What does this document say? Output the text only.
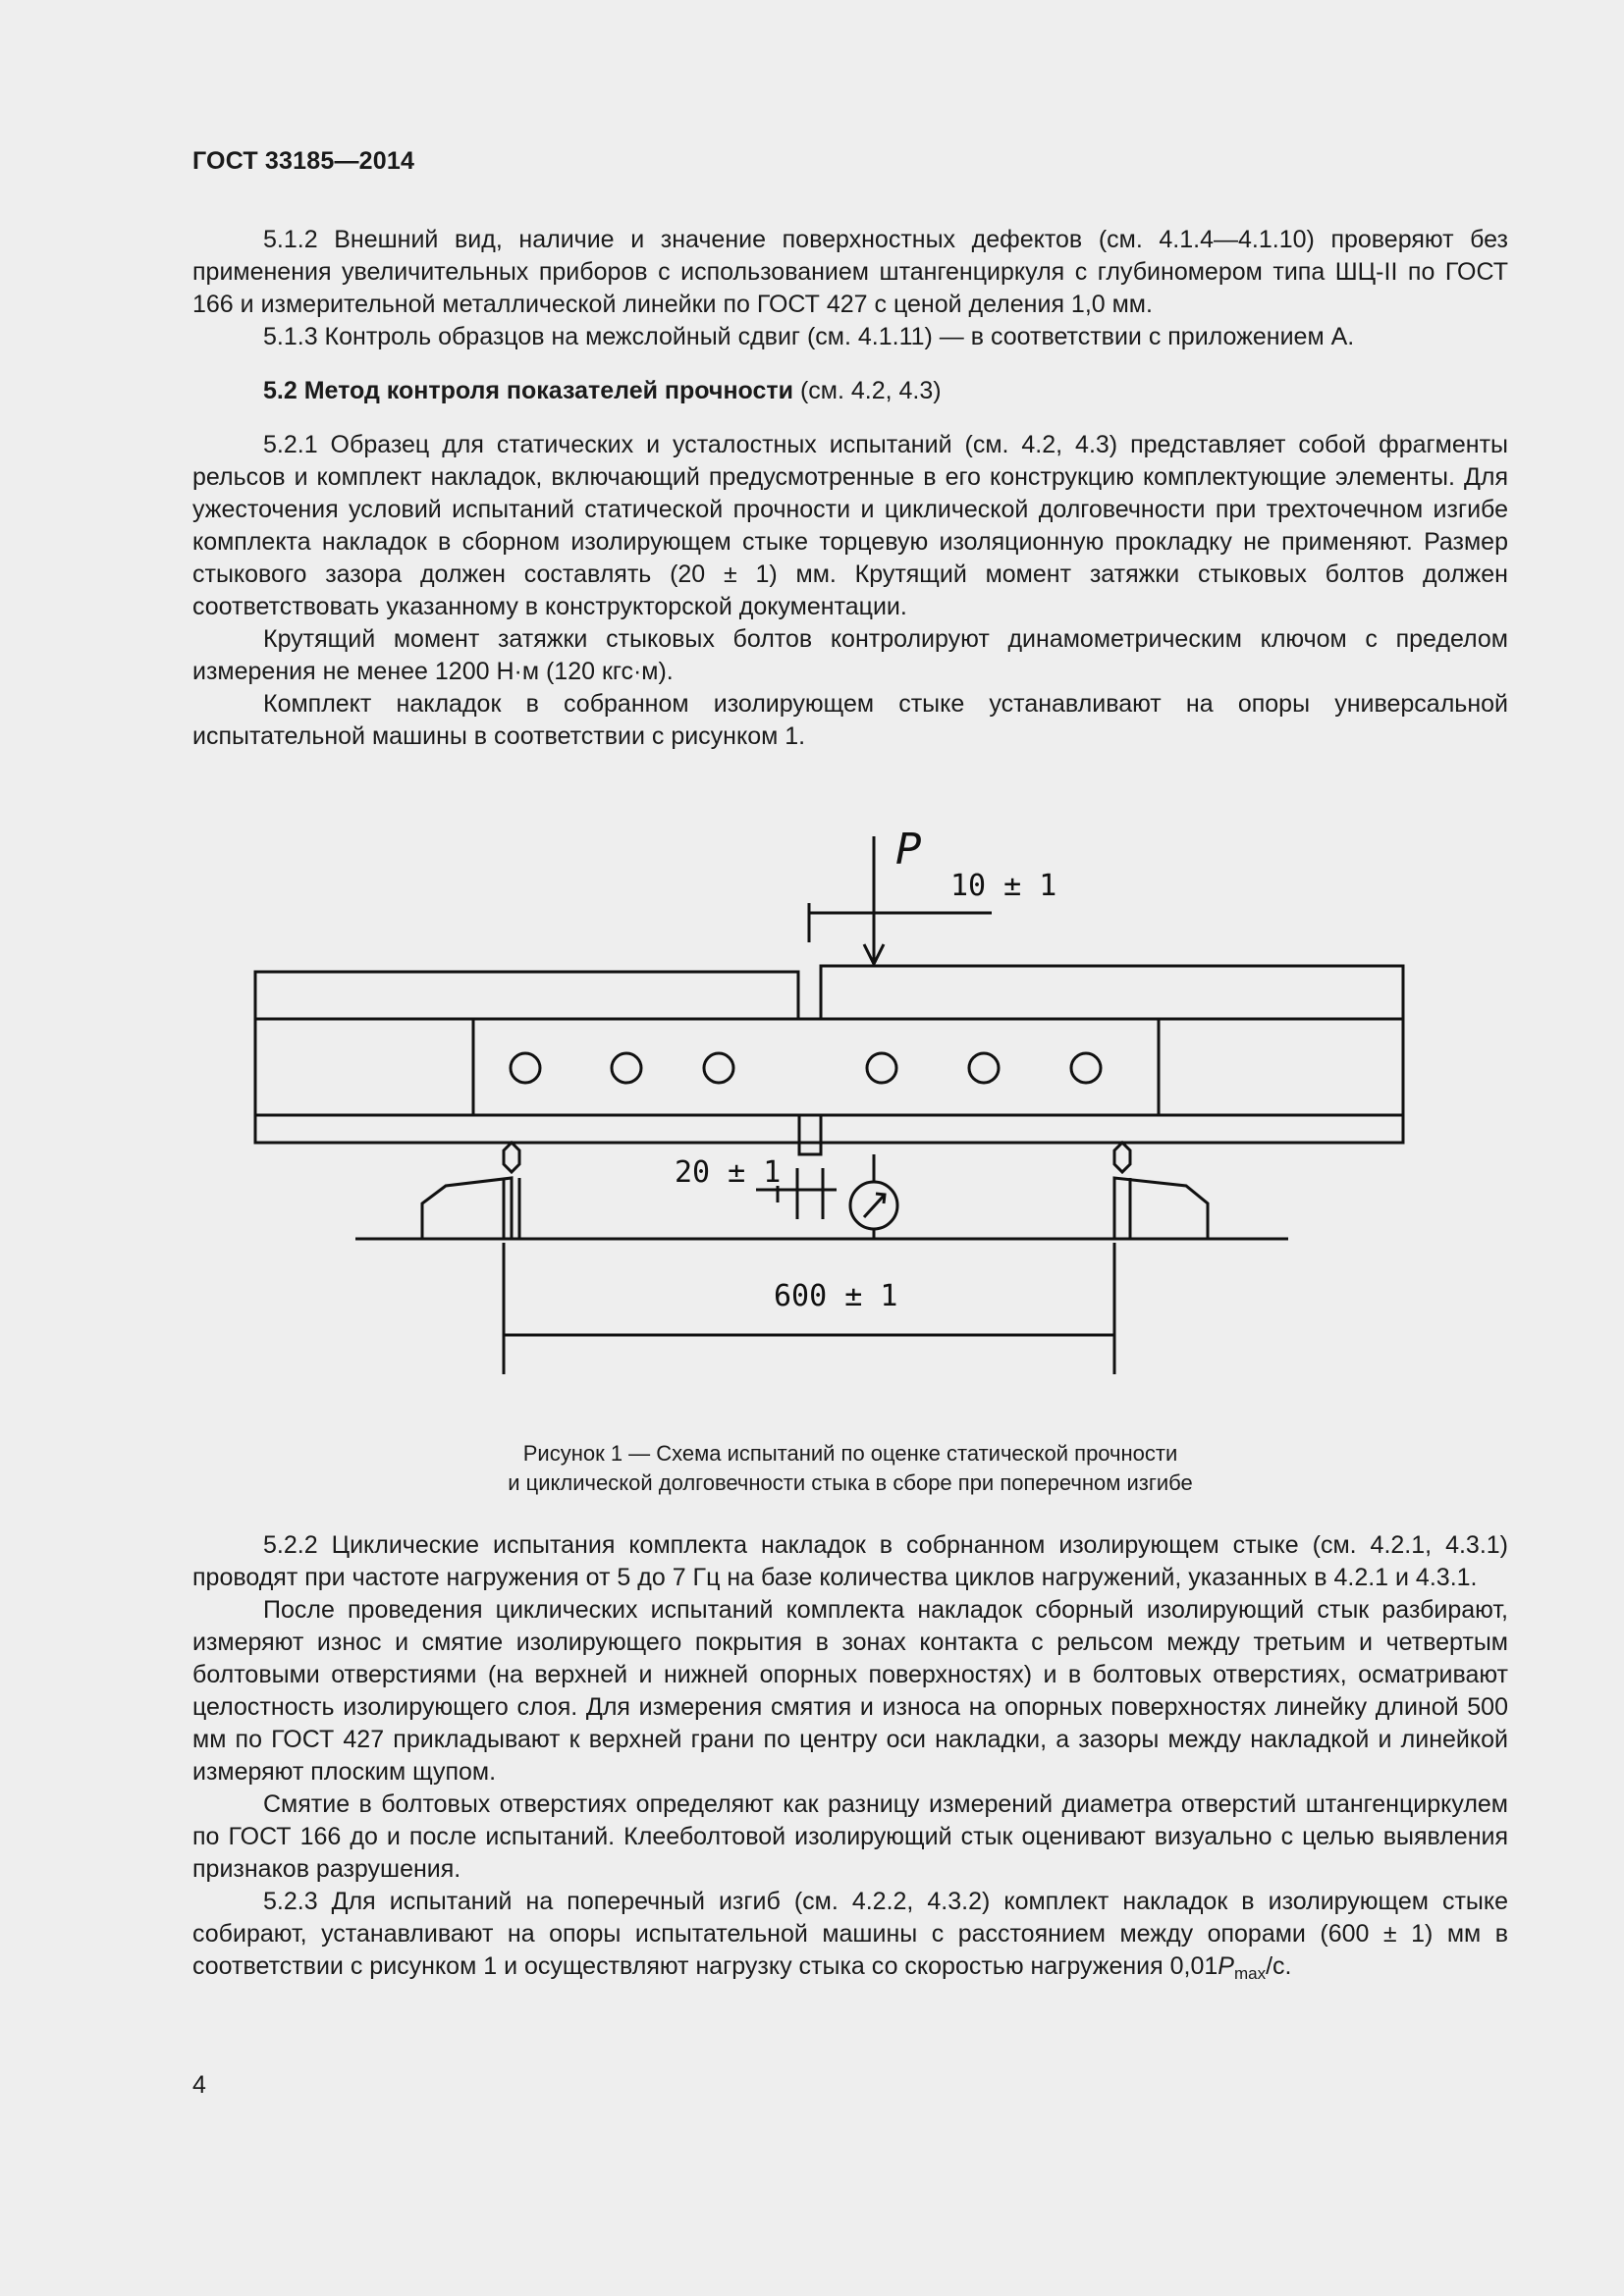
ГОСТ 33185—2014

5.1.2 Внешний вид, наличие и значение поверхностных дефектов (см. 4.1.4—4.1.10) проверяют без применения увеличительных приборов с использованием штангенциркуля с глубиномером типа ШЦ-II по ГОСТ 166 и измерительной металлической линейки по ГОСТ 427 с ценой деления 1,0 мм.

5.1.3 Контроль образцов на межслойный сдвиг (см. 4.1.11) — в соответствии с приложением А.

5.2 Метод контроля показателей прочности (см. 4.2, 4.3)

5.2.1 Образец для статических и усталостных испытаний (см. 4.2, 4.3) представляет собой фрагменты рельсов и комплект накладок, включающий предусмотренные в его конструкцию комплектующие элементы. Для ужесточения условий испытаний статической прочности и циклической долговечности при трехточечном изгибе комплекта накладок в сборном изолирующем стыке торцевую изоляционную прокладку не применяют. Размер стыкового зазора должен составлять (20 ± 1) мм. Крутящий момент затяжки стыковых болтов должен соответствовать указанному в конструкторской документации.

Крутящий момент затяжки стыковых болтов контролируют динамометрическим ключом с пределом измерения не менее 1200 Н·м (120 кгс·м).

Комплект накладок в собранном изолирующем стыке устанавливают на опоры универсальной испытательной машины в соответствии с рисунком 1.

P
10 ± 1
20 ± 1
600 ± 1
Рисунок 1 — Схема испытаний по оценке статической прочности
и циклической долговечности стыка в сборе при поперечном изгибе

5.2.2 Циклические испытания комплекта накладок в собрнанном изолирующем стыке (см. 4.2.1, 4.3.1) проводят при частоте нагружения от 5 до 7 Гц на базе количества циклов нагружений, указанных в 4.2.1 и 4.3.1.

После проведения циклических испытаний комплекта накладок сборный изолирующий стык разбирают, измеряют износ и смятие изолирующего покрытия в зонах контакта с рельсом между третьим и четвертым болтовыми отверстиями (на верхней и нижней опорных поверхностях) и в болтовых отверстиях, осматривают целостность изолирующего слоя. Для измерения смятия и износа на опорных поверхностях линейку длиной 500 мм по ГОСТ 427 прикладывают к верхней грани по центру оси накладки, а зазоры между накладкой и линейкой измеряют плоским щупом.

Смятие в болтовых отверстиях определяют как разницу измерений диаметра отверстий штангенциркулем по ГОСТ 166 до и после испытаний. Клееболтовой изолирующий стык оценивают визуально с целью выявления признаков разрушения.

5.2.3 Для испытаний на поперечный изгиб (см. 4.2.2, 4.3.2) комплект накладок в изолирующем стыке собирают, устанавливают на опоры испытательной машины с расстоянием между опорами (600 ± 1) мм в соответствии с рисунком 1 и осуществляют нагрузку стыка со скоростью нагружения $0,01P_{max}/с$.

4
